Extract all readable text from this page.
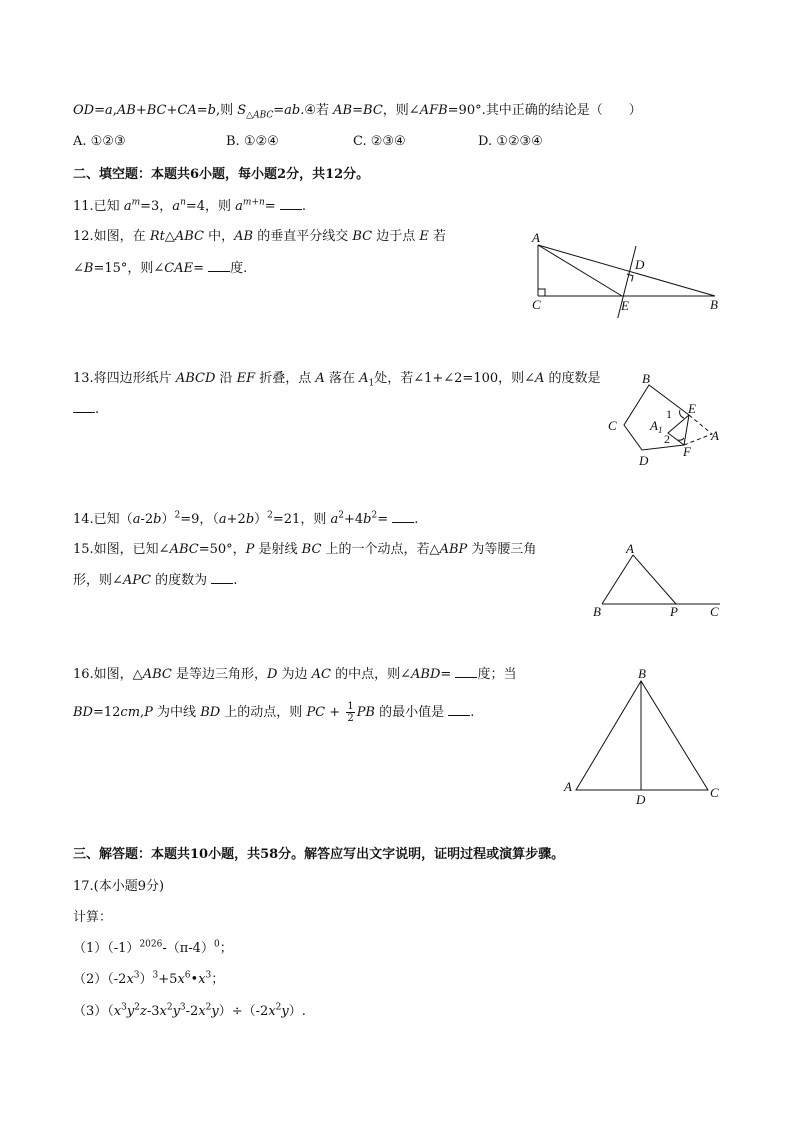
OD=a,AB+BC+CA=b,则 $S_{\triangle ABC}=ab.④$若 AB=BC，则∠AFB=90°.其中正确的结论是（　　）
A. ①②③	B. ①②④	C. ②③④	D. ①②③④
二、填空题：本题共6小题，每小题2分，共12分。
11.已知 $a^m=3$，$a^n=4$，则 $a^{m+n}=$ .
12.如图，在 Rt△ABC 中，AB 的垂直平分线交 BC 边于点 E 若
∠B=15°，则∠CAE= 度.
A
D
C	E	B
13.将四边形纸片 ABCD 沿 EF 折叠，点 A 落在 $A_1$处，若∠1+∠2=100，则∠A 的度数是
.
B
E
1
C	$A_1$	A
2
F
D
14.已知$(a-2b)^2=9$，$(a+2b)^2=21$，则 $a^2+4b^2=$ .
15.如图，已知∠ABC=50°，P 是射线 BC 上的一个动点，若△ABP 为等腰三角
形，则∠APC 的度数为 .
A
B	P C
16.如图，△ABC 是等边三角形，D 为边 AC 的中点，则∠ABD= 度；当
BD=12cm,P 为中线 BD 上的动点，则 PC + $\frac{1}{2}$ PB 的最小值是 .
B
A
D	C
三、解答题：本题共10小题，共58分。解答应写出文字说明，证明过程或演算步骤。
17.(本小题9分)
计算：
$(1)(-1)^{2026}-(\pi-4)^0$；
$(2)(-2x^3)^3+5x^6•x^3$；
$(3)(x^3y^2z-3x^2y^3-2x^2y)\div(-2x^2y)$.
